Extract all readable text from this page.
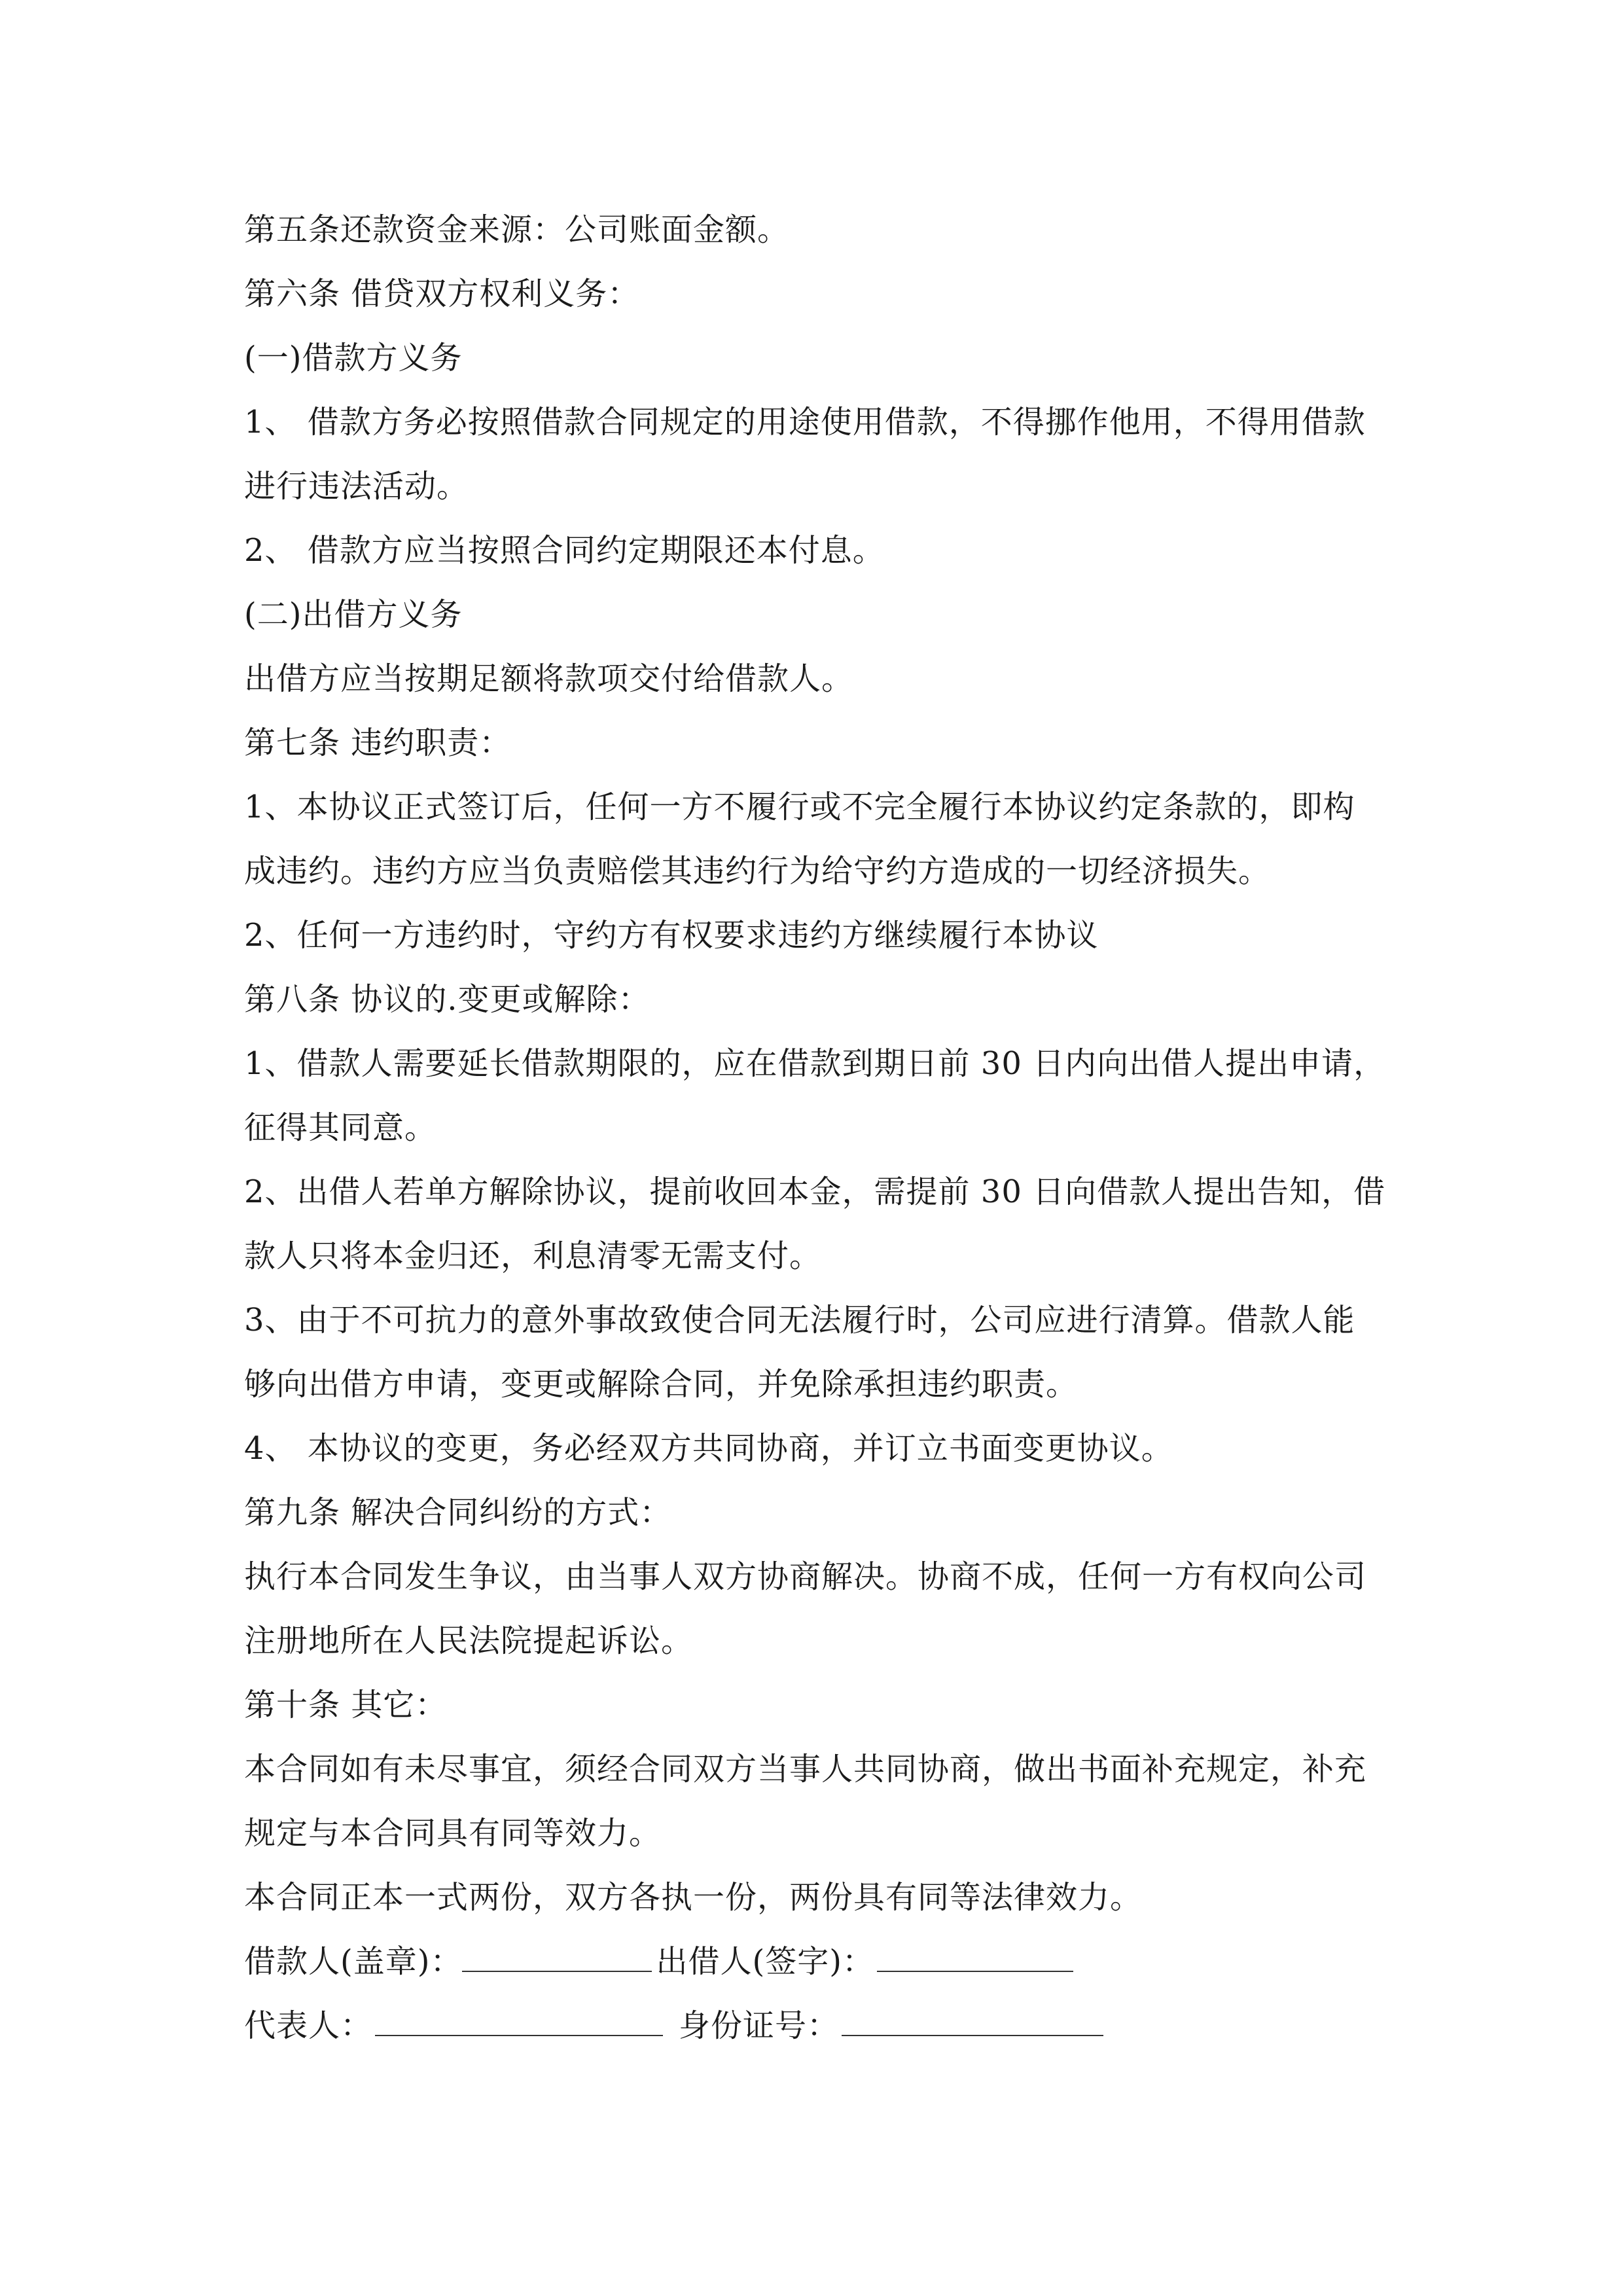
第五条还款资金来源：公司账面金额。

第六条 借贷双方权利义务：

(一)借款方义务

1、 借款方务必按照借款合同规定的用途使用借款，不得挪作他用，不得用借款

进行违法活动。

2、 借款方应当按照合同约定期限还本付息。

(二)出借方义务

出借方应当按期足额将款项交付给借款人。

第七条 违约职责：

1、本协议正式签订后，任何一方不履行或不完全履行本协议约定条款的，即构

成违约。违约方应当负责赔偿其违约行为给守约方造成的一切经济损失。

2、任何一方违约时，守约方有权要求违约方继续履行本协议

第八条 协议的.变更或解除：

1、借款人需要延长借款期限的，应在借款到期日前 30 日内向出借人提出申请，

征得其同意。

2、出借人若单方解除协议，提前收回本金，需提前 30 日向借款人提出告知，借

款人只将本金归还，利息清零无需支付。

3、由于不可抗力的意外事故致使合同无法履行时，公司应进行清算。借款人能

够向出借方申请，变更或解除合同，并免除承担违约职责。

4、 本协议的变更，务必经双方共同协商，并订立书面变更协议。

第九条 解决合同纠纷的方式：

执行本合同发生争议，由当事人双方协商解决。协商不成，任何一方有权向公司

注册地所在人民法院提起诉讼。

第十条 其它：

本合同如有未尽事宜，须经合同双方当事人共同协商，做出书面补充规定，补充

规定与本合同具有同等效力。

本合同正本一式两份，双方各执一份，两份具有同等法律效力。

借款人(盖章)：	出借人(签字)：
代表人：	身份证号：
